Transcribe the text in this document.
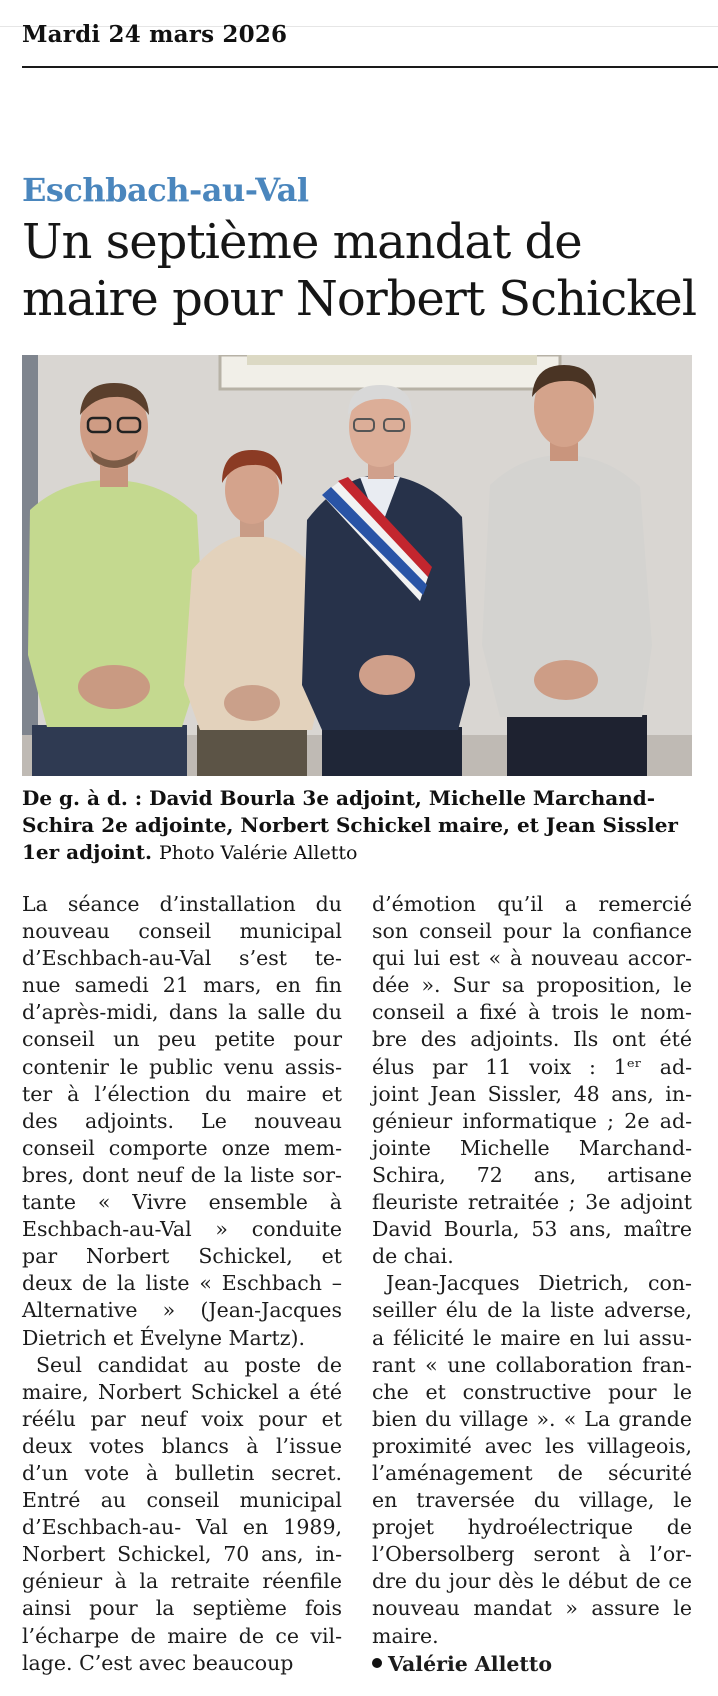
Mardi 24 mars 2026
Eschbach-au-Val
Un septième mandat de
maire pour Norbert Schickel
De g. à d. : David Bourla 3e adjoint, Michelle Marchand-
Schira 2e adjointe, Norbert Schickel maire, et Jean Sissler
1er adjoint. Photo Valérie Alletto
La séance d’installation du
nouveau conseil municipal
d’Eschbach-au-Val s’est te-
nue samedi 21 mars, en fin
d’après-midi, dans la salle du
conseil un peu petite pour
contenir le public venu assis-
ter à l’élection du maire et
des adjoints. Le nouveau
conseil comporte onze mem-
bres, dont neuf de la liste sor-
tante « Vivre ensemble à
Eschbach-au-Val » conduite
par Norbert Schickel, et
deux de la liste « Eschbach –
Alternative » (Jean-Jacques
Dietrich et Évelyne Martz).
Seul candidat au poste de
maire, Norbert Schickel a été
réélu par neuf voix pour et
deux votes blancs à l’issue
d’un vote à bulletin secret.
Entré au conseil municipal
d’Eschbach-au- Val en 1989,
Norbert Schickel, 70 ans, in-
génieur à la retraite réenfile
ainsi pour la septième fois
l’écharpe de maire de ce vil-
lage. C’est avec beaucoup
d’émotion qu’il a remercié
son conseil pour la confiance
qui lui est « à nouveau accor-
dée ». Sur sa proposition, le
conseil a fixé à trois le nom-
bre des adjoints. Ils ont été
élus par 11 voix : 1ᵉʳ ad-
joint Jean Sissler, 48 ans, in-
génieur informatique ; 2e ad-
jointe Michelle Marchand-
Schira, 72 ans, artisane
fleuriste retraitée ; 3e adjoint
David Bourla, 53 ans, maître
de chai.
Jean-Jacques Dietrich, con-
seiller élu de la liste adverse,
a félicité le maire en lui assu-
rant « une collaboration fran-
che et constructive pour le
bien du village ». « La grande
proximité avec les villageois,
l’aménagement de sécurité
en traversée du village, le
projet hydroélectrique de
l’Obersolberg seront à l’or-
dre du jour dès le début de ce
nouveau mandat » assure le
maire.
Valérie Alletto
